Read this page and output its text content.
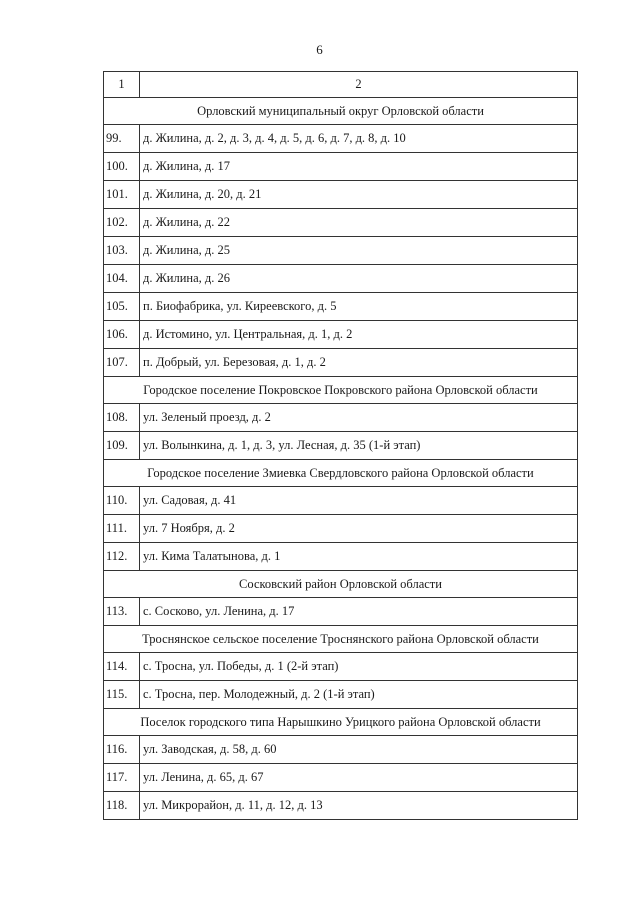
6
1	2
Орловский муниципальный округ Орловской области	
99.	д. Жилина, д. 2, д. 3, д. 4, д. 5, д. 6, д. 7, д. 8, д. 10
100.	д. Жилина, д. 17
101.	д. Жилина, д. 20, д. 21
102.	д. Жилина, д. 22
103.	д. Жилина, д. 25
104.	д. Жилина, д. 26
105.	п. Биофабрика, ул. Киреевского, д. 5
106.	д. Истомино, ул. Центральная, д. 1, д. 2
107.	п. Добрый, ул. Березовая, д. 1, д. 2
Городское поселение Покровское Покровского района Орловской области	
108.	ул. Зеленый проезд, д. 2
109.	ул. Волынкина, д. 1, д. 3, ул. Лесная, д. 35 (1-й этап)
Городское поселение Змиевка Свердловского района Орловской области	
110.	ул. Садовая, д. 41
111.	ул. 7 Ноября, д. 2
112.	ул. Кима Талатынова, д. 1
Сосковский район Орловской области	
113.	с. Сосково, ул. Ленина, д. 17
Троснянское сельское поселение Троснянского района Орловской области	
114.	с. Тросна, ул. Победы, д. 1 (2-й этап)
115.	с. Тросна, пер. Молодежный, д. 2 (1-й этап)
Поселок городского типа Нарышкино Урицкого района Орловской области	
116.	ул. Заводская, д. 58, д. 60
117.	ул. Ленина, д. 65, д. 67
118.	ул. Микрорайон, д. 11, д. 12, д. 13
